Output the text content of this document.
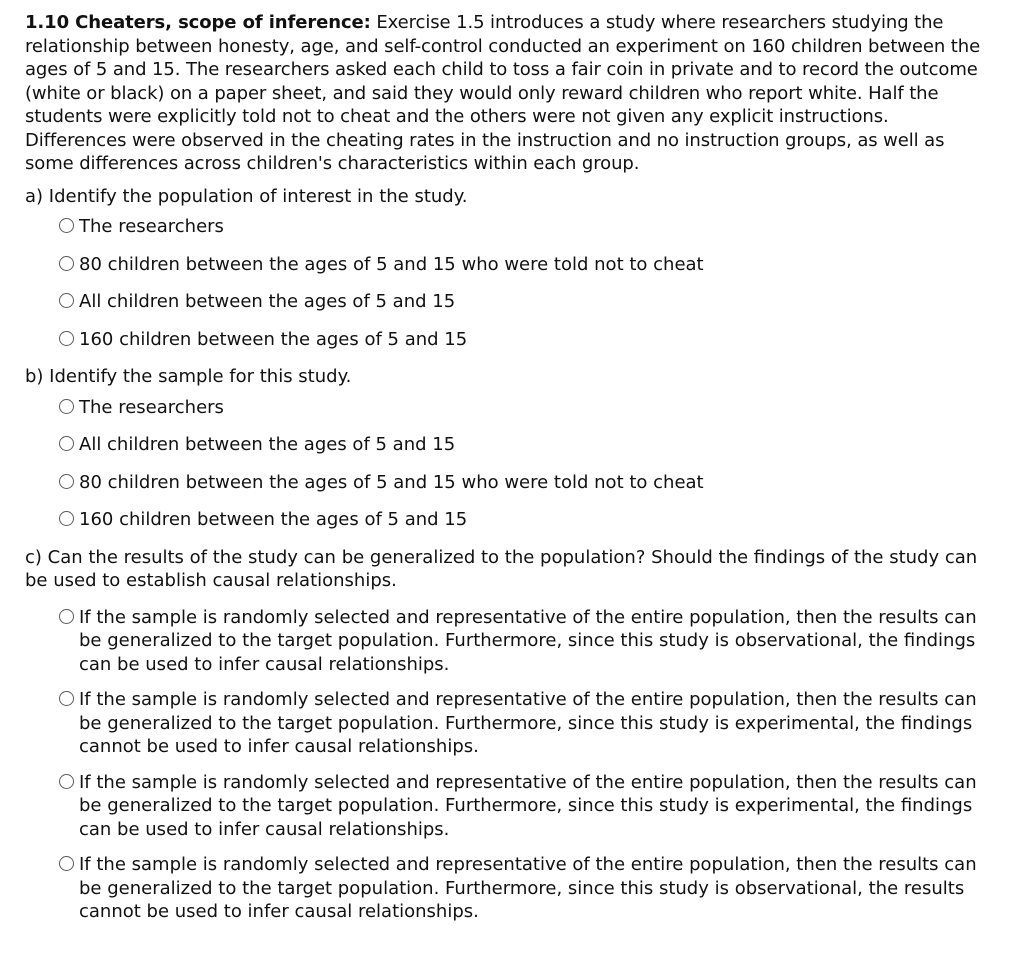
1.10 Cheaters, scope of inference: Exercise 1.5 introduces a study where researchers studying the relationship between honesty, age, and self-control conducted an experiment on 160 children between the ages of 5 and 15. The researchers asked each child to toss a fair coin in private and to record the outcome (white or black) on a paper sheet, and said they would only reward children who report white. Half the students were explicitly told not to cheat and the others were not given any explicit instructions. Differences were observed in the cheating rates in the instruction and no instruction groups, as well as some differences across children's characteristics within each group.

a) Identify the population of interest in the study.

The researchers
80 children between the ages of 5 and 15 who were told not to cheat
All children between the ages of 5 and 15
160 children between the ages of 5 and 15

b) Identify the sample for this study.

The researchers
All children between the ages of 5 and 15
80 children between the ages of 5 and 15 who were told not to cheat
160 children between the ages of 5 and 15

c) Can the results of the study can be generalized to the population? Should the findings of the study can be used to establish causal relationships.

If the sample is randomly selected and representative of the entire population, then the results can be generalized to the target population. Furthermore, since this study is observational, the findings can be used to infer causal relationships.
If the sample is randomly selected and representative of the entire population, then the results can be generalized to the target population. Furthermore, since this study is experimental, the findings cannot be used to infer causal relationships.
If the sample is randomly selected and representative of the entire population, then the results can be generalized to the target population. Furthermore, since this study is experimental, the findings can be used to infer causal relationships.
If the sample is randomly selected and representative of the entire population, then the results can be generalized to the target population. Furthermore, since this study is observational, the results cannot be used to infer causal relationships.
